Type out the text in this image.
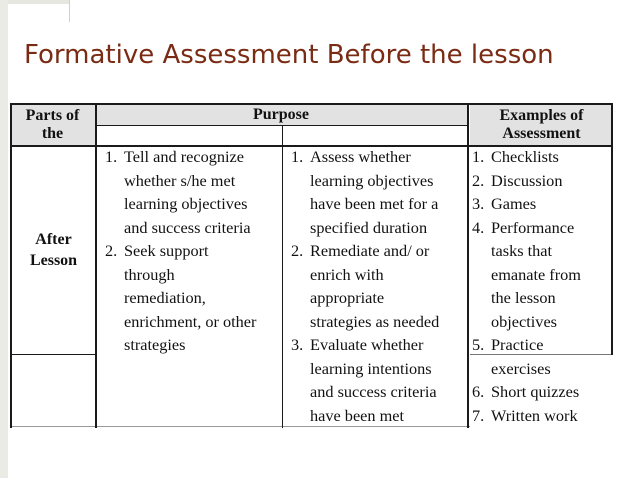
Formative Assessment Before the lesson
Parts of the
Purpose	Examples of Assessment
After
Lesson
1. Tell and recognize
whether s/he met
learning objectives
and success criteria
2. Seek support
through
remediation,
enrichment, or other
strategies
1. Assess whether
learning objectives
have been met for a
specified duration
2. Remediate and/ or
enrich with
appropriate
strategies as needed
3. Evaluate whether
learning intentions
and success criteria
have been met
1. Checklists
2. Discussion
3. Games
4. Performance
tasks that
emanate from
the lesson
objectives
5. Practice
exercises
6. Short quizzes
7. Written work
